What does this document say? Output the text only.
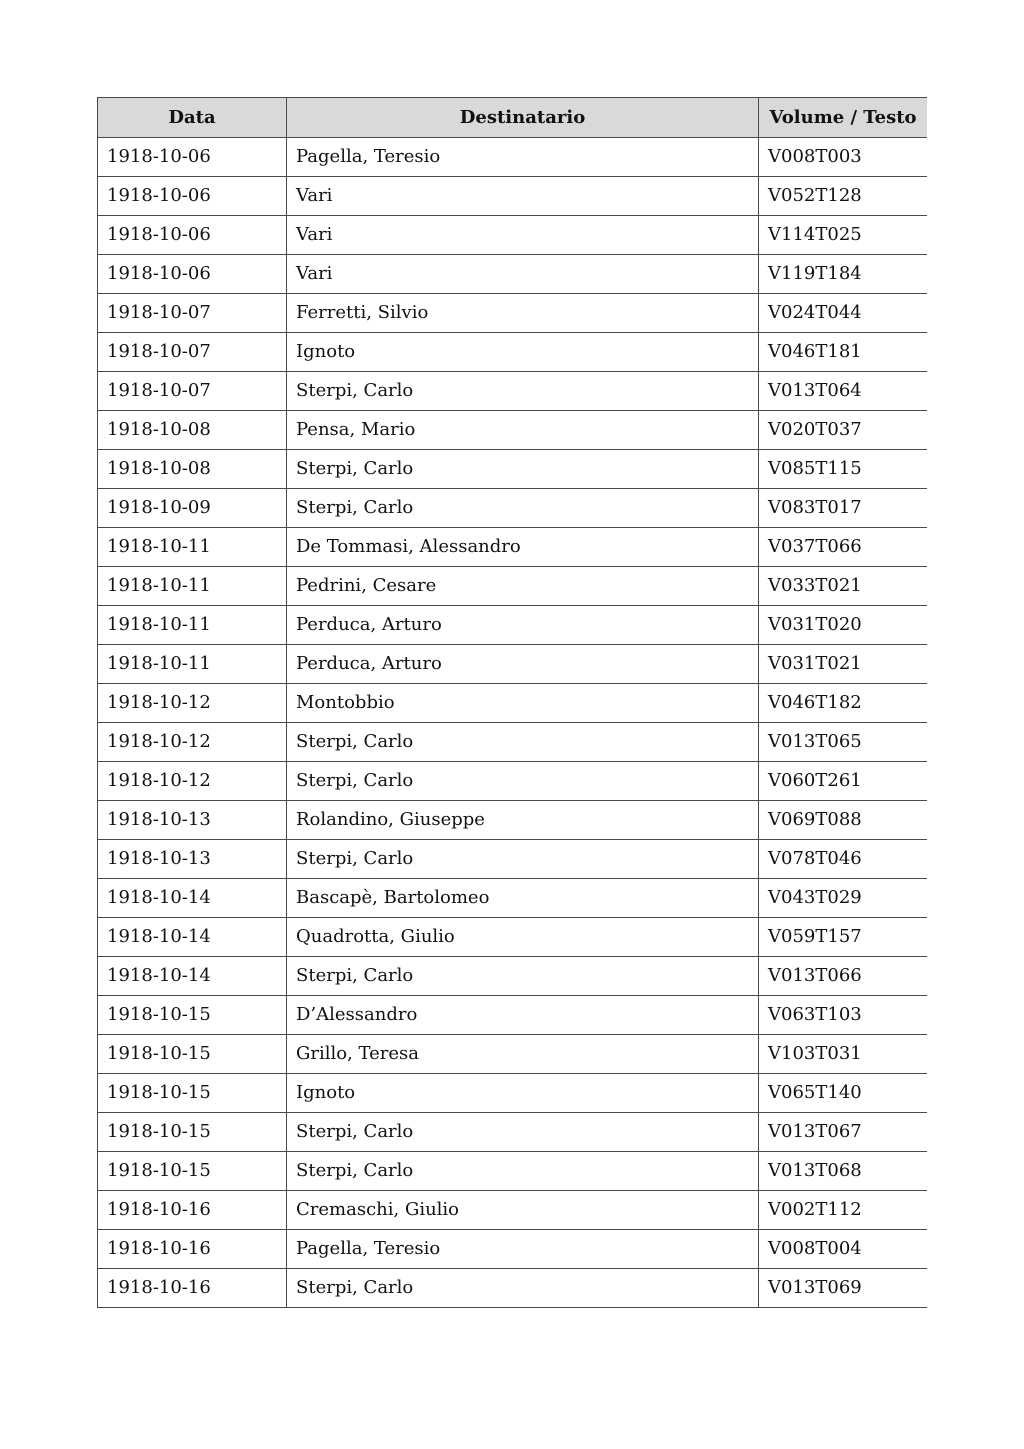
Data	Destinatario	Volume / Testo
1918-10-06	Pagella, Teresio	V008T003
1918-10-06	Vari	V052T128
1918-10-06	Vari	V114T025
1918-10-06	Vari	V119T184
1918-10-07	Ferretti, Silvio	V024T044
1918-10-07	Ignoto	V046T181
1918-10-07	Sterpi, Carlo	V013T064
1918-10-08	Pensa, Mario	V020T037
1918-10-08	Sterpi, Carlo	V085T115
1918-10-09	Sterpi, Carlo	V083T017
1918-10-11	De Tommasi, Alessandro	V037T066
1918-10-11	Pedrini, Cesare	V033T021
1918-10-11	Perduca, Arturo	V031T020
1918-10-11	Perduca, Arturo	V031T021
1918-10-12	Montobbio	V046T182
1918-10-12	Sterpi, Carlo	V013T065
1918-10-12	Sterpi, Carlo	V060T261
1918-10-13	Rolandino, Giuseppe	V069T088
1918-10-13	Sterpi, Carlo	V078T046
1918-10-14	Bascapè, Bartolomeo	V043T029
1918-10-14	Quadrotta, Giulio	V059T157
1918-10-14	Sterpi, Carlo	V013T066
1918-10-15	D’Alessandro	V063T103
1918-10-15	Grillo, Teresa	V103T031
1918-10-15	Ignoto	V065T140
1918-10-15	Sterpi, Carlo	V013T067
1918-10-15	Sterpi, Carlo	V013T068
1918-10-16	Cremaschi, Giulio	V002T112
1918-10-16	Pagella, Teresio	V008T004
1918-10-16	Sterpi, Carlo	V013T069
